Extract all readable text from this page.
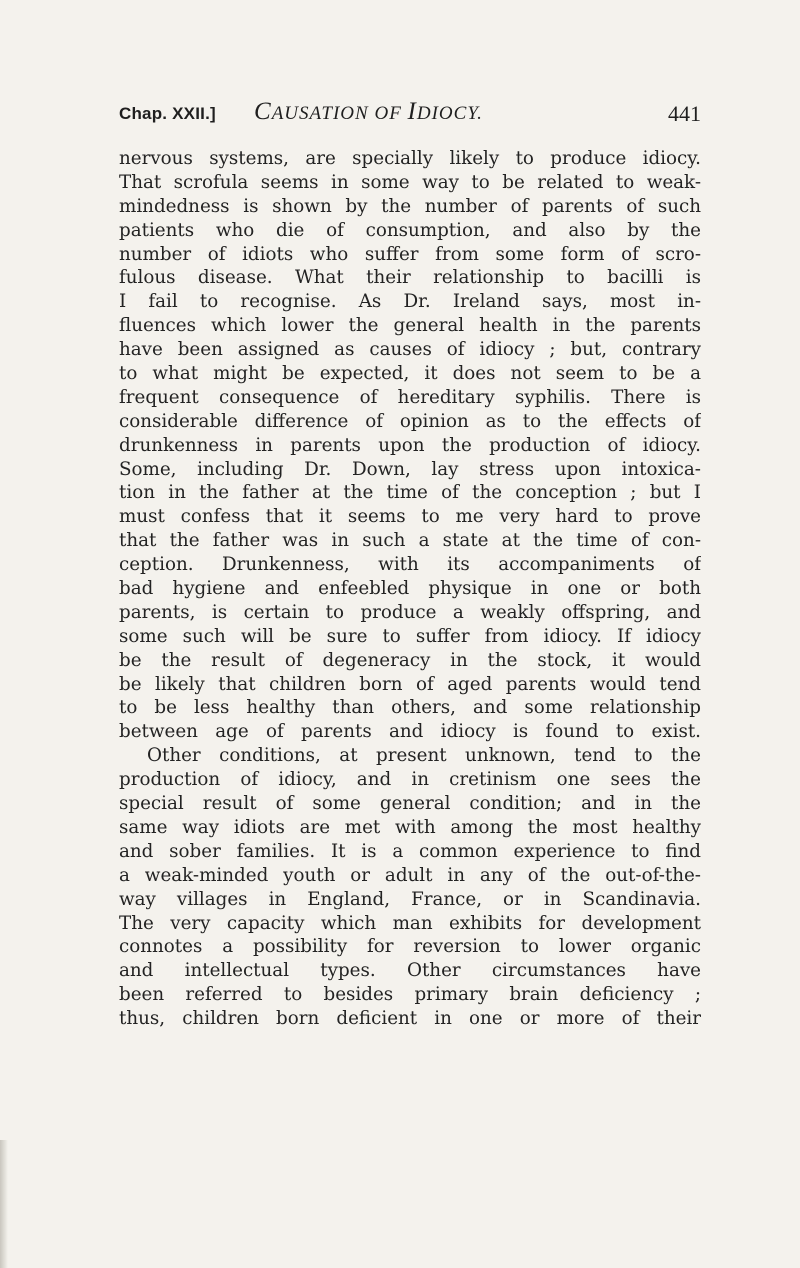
Chap. XXII.] CAUSATION OF IDIOCY.	441
nervous systems, are specially likely to produce idiocy.
That scrofula seems in some way to be related to weak-
mindedness is shown by the number of parents of such
patients who die of consumption, and also by the
number of idiots who suffer from some form of scro-
fulous disease. What their relationship to bacilli is
I fail to recognise. As Dr. Ireland says, most in-
fluences which lower the general health in the parents
have been assigned as causes of idiocy ; but, contrary
to what might be expected, it does not seem to be a
frequent consequence of hereditary syphilis. There is
considerable difference of opinion as to the effects of
drunkenness in parents upon the production of idiocy.
Some, including Dr. Down, lay stress upon intoxica-
tion in the father at the time of the conception ; but I
must confess that it seems to me very hard to prove
that the father was in such a state at the time of con-
ception. Drunkenness, with its accompaniments of
bad hygiene and enfeebled physique in one or both
parents, is certain to produce a weakly offspring, and
some such will be sure to suffer from idiocy. If idiocy
be the result of degeneracy in the stock, it would
be likely that children born of aged parents would tend
to be less healthy than others, and some relationship
between age of parents and idiocy is found to exist.
Other conditions, at present unknown, tend to the
production of idiocy, and in cretinism one sees the
special result of some general condition; and in the
same way idiots are met with among the most healthy
and sober families. It is a common experience to find
a weak-minded youth or adult in any of the out-of-the-
way villages in England, France, or in Scandinavia.
The very capacity which man exhibits for development
connotes a possibility for reversion to lower organic
and intellectual types. Other circumstances have
been referred to besides primary brain deficiency ;
thus, children born deficient in one or more of their
